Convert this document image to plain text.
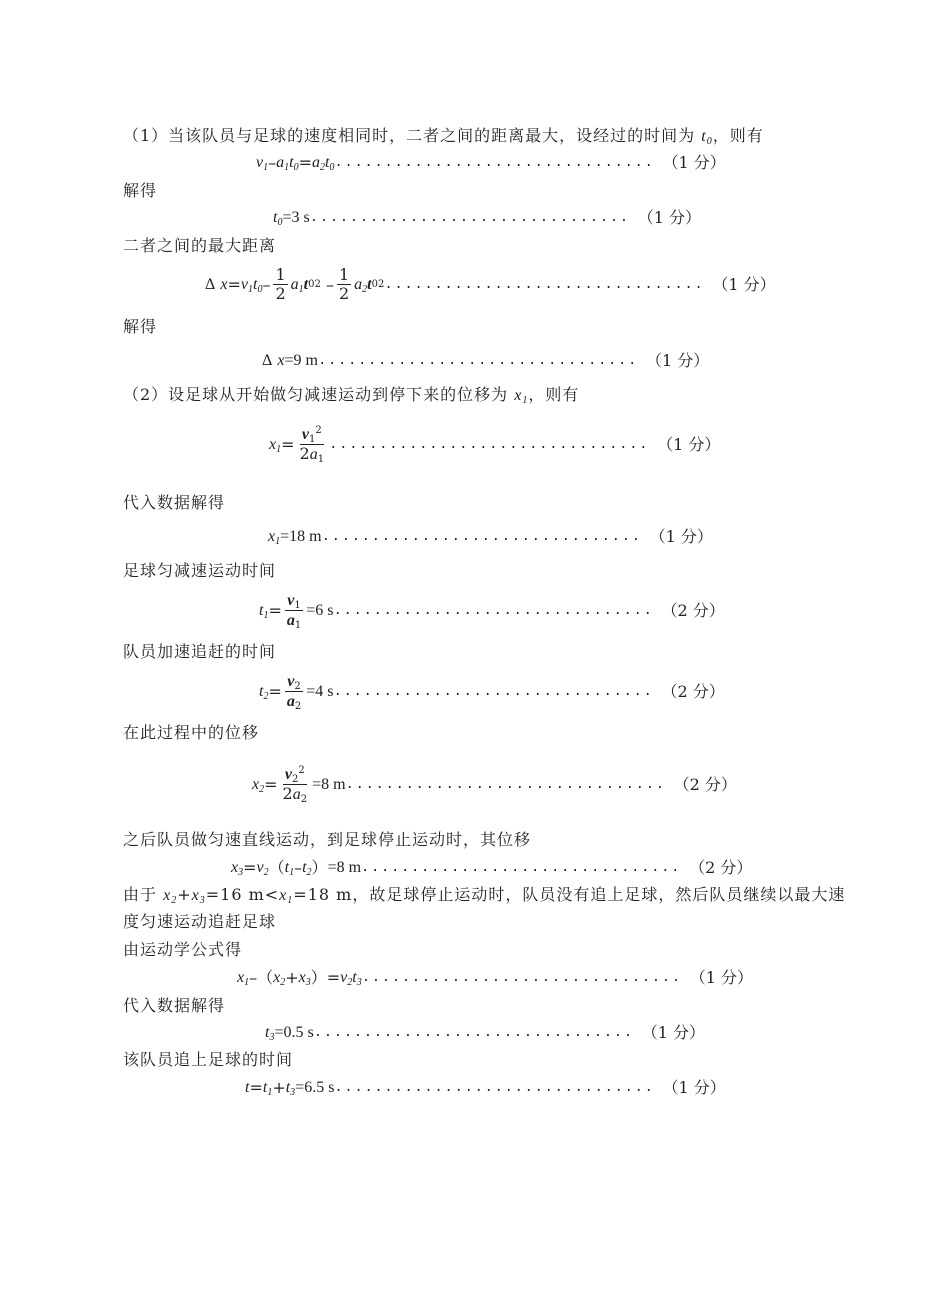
（1）当该队员与足球的速度相同时，二者之间的距离最大，设经过的时间为 $t_0$，则有
$v_1 - a_1t_0 = a_2t_0$ ................................ （1 分）
解得
$t_0 =3$ s ................................ （1 分）
二者之间的最大距离
Δ
$x = v_1t_0 - \frac{1}{2} a_1$ t 0 $2 - \frac{1}{2} a_2$ t 0 2 ................................ （1 分）
解得
Δ
x =9 m ................................ （1 分）
（2）设足球从开始做匀减速运动到停下来的位移为 $x_1$，则有
$x_1 = \frac{v_1^2}{2a_1}$ ................................ （1 分）
代入数据解得
$x_1 =18$ m ................................ （1 分）
足球匀减速运动时间
$t_1 = \frac{v_1}{a_1} =6$ s ................................ （2 分）
队员加速追赶的时间
$t_2 = \frac{v_2}{a_2} =4$ s ................................ （2 分）
在此过程中的位移
$x_2 = \frac{v_2^2}{2a_2} =8$ m ................................ （2 分）
之后队员做匀速直线运动，到足球停止运动时，其位移
$x_3 = v_2$ （ $t_1 - t_2$ ） =8 m ................................ （2 分）
由于 $x_2+x_3=16$ $m<x_1=18$ m，故足球停止运动时，队员没有追上足球，然后队员继续以最大速
度匀速运动追赶足球
由运动学公式得
$x_1$ –（ $x_2 + x_3$ ）= $v_2t_3$ ................................ （1 分）
代入数据解得
$t_3 =0.5$ s ................................ （1 分）
该队员追上足球的时间
$t = t_1 + t_3 =6.5$ s ................................ （1 分）
